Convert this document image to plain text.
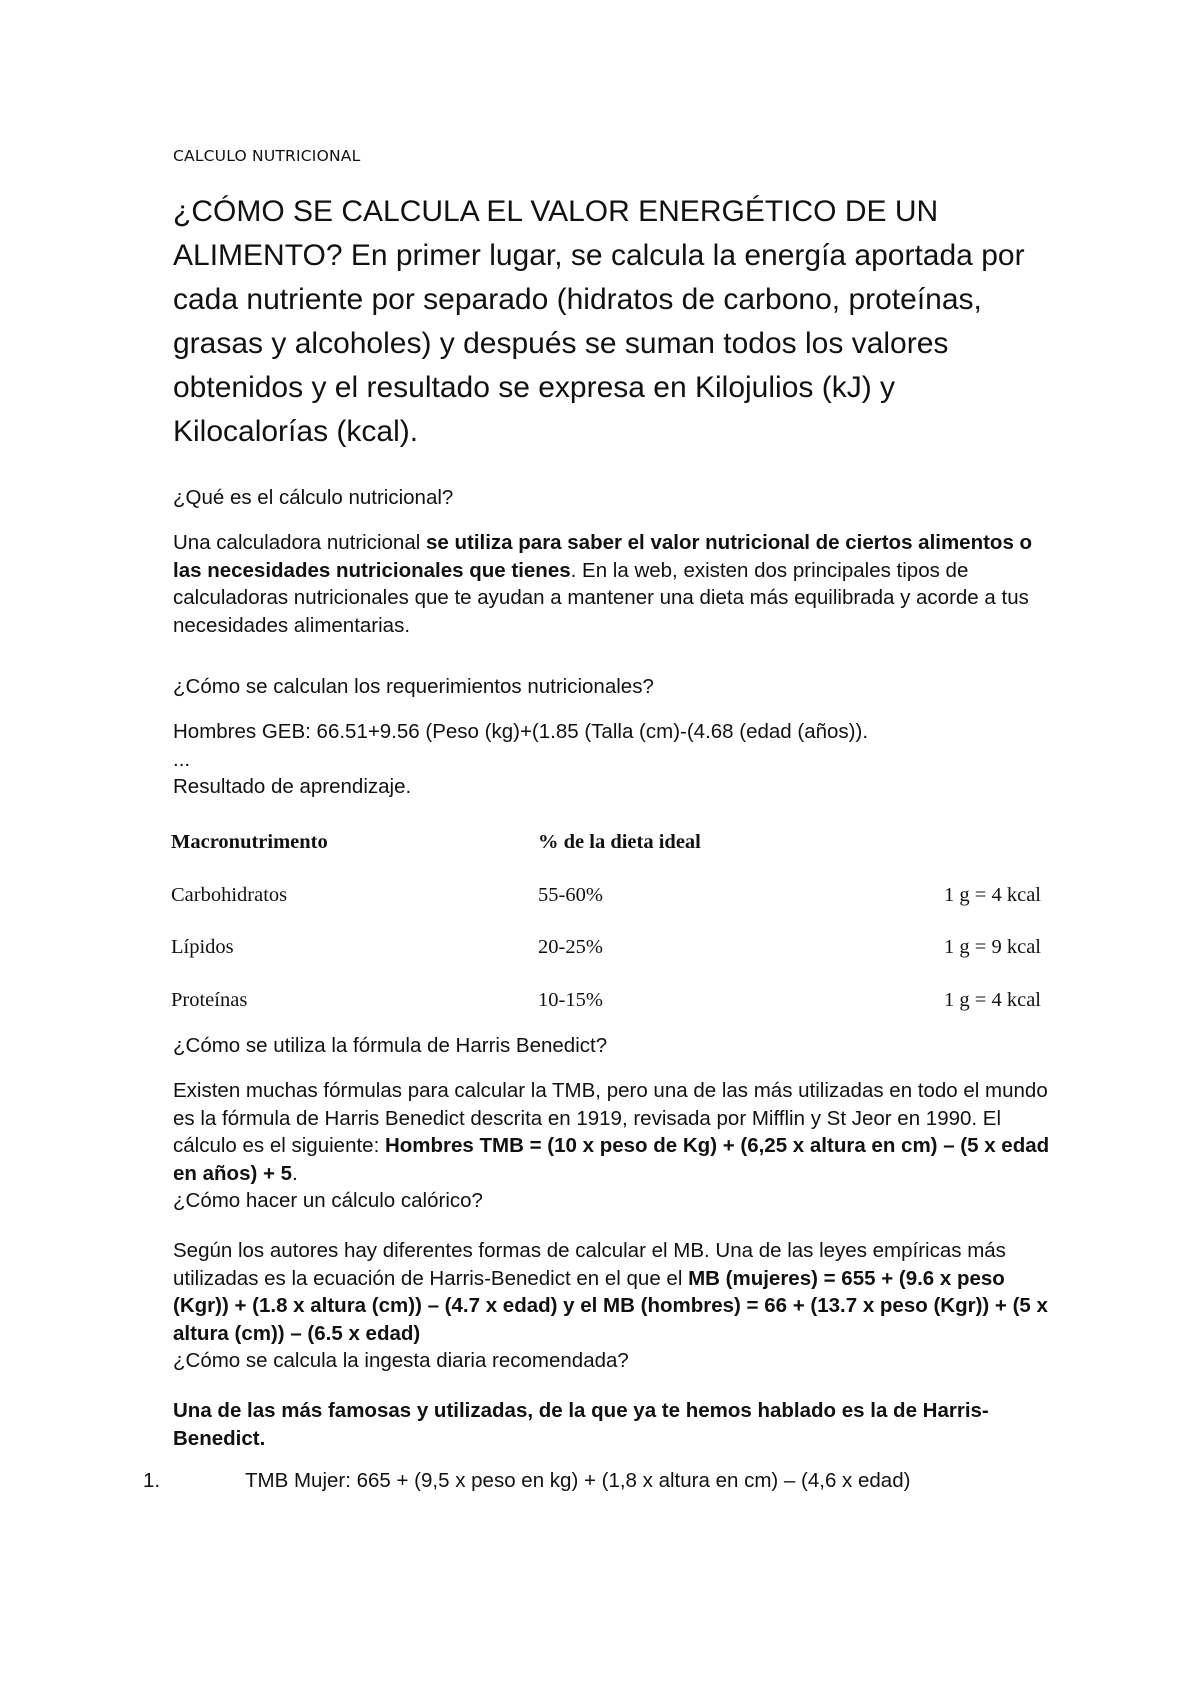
CALCULO NUTRICIONAL

¿CÓMO SE CALCULA EL VALOR ENERGÉTICO DE UN ALIMENTO? En primer lugar, se calcula la energía aportada por cada nutriente por separado (hidratos de carbono, proteínas, grasas y alcoholes) y después se suman todos los valores obtenidos y el resultado se expresa en Kilojulios (kJ) y Kilocalorías (kcal).

¿Qué es el cálculo nutricional?

Una calculadora nutricional se utiliza para saber el valor nutricional de ciertos alimentos o las necesidades nutricionales que tienes. En la web, existen dos principales tipos de calculadoras nutricionales que te ayudan a mantener una dieta más equilibrada y acorde a tus necesidades alimentarias.

¿Cómo se calculan los requerimientos nutricionales?

Hombres GEB: 66.51+9.56 (Peso (kg)+(1.85 (Talla (cm)-(4.68 (edad (años)).
...
Resultado de aprendizaje.

Macronutrimento	% de la dieta ideal
Carbohidratos	55-60%	1 g = 4 kcal
Lípidos	20-25%	1 g = 9 kcal
Proteínas	10-15%	1 g = 4 kcal

¿Cómo se utiliza la fórmula de Harris Benedict?

Existen muchas fórmulas para calcular la TMB, pero una de las más utilizadas en todo el mundo es la fórmula de Harris Benedict descrita en 1919, revisada por Mifflin y St Jeor en 1990. El cálculo es el siguiente: Hombres TMB = (10 x peso de Kg) + (6,25 x altura en cm) – (5 x edad en años) + 5.
¿Cómo hacer un cálculo calórico?

Según los autores hay diferentes formas de calcular el MB. Una de las leyes empíricas más utilizadas es la ecuación de Harris-Benedict en el que el MB (mujeres) = 655 + (9.6 x peso (Kgr)) + (1.8 x altura (cm)) – (4.7 x edad) y el MB (hombres) = 66 + (13.7 x peso (Kgr)) + (5 x altura (cm)) – (6.5 x edad)
¿Cómo se calcula la ingesta diaria recomendada?

Una de las más famosas y utilizadas, de la que ya te hemos hablado es la de Harris-Benedict.

1.	TMB Mujer: 665 + (9,5 x peso en kg) + (1,8 x altura en cm) – (4,6 x edad)
